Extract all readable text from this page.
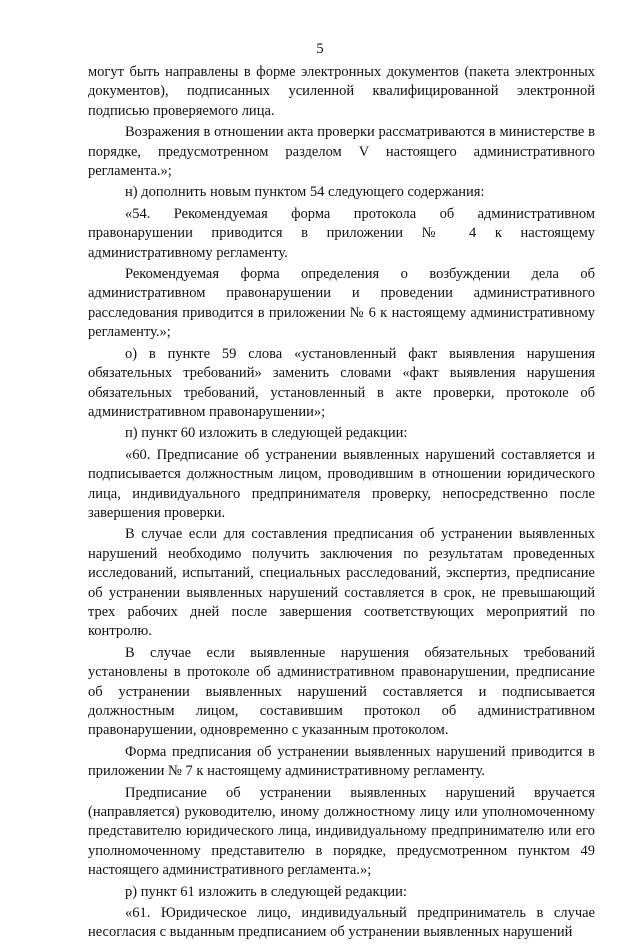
5

могут быть направлены в форме электронных документов (пакета электронных документов), подписанных усиленной квалифицированной электронной подписью проверяемого лица.

Возражения в отношении акта проверки рассматриваются в министерстве в порядке, предусмотренном разделом V настоящего административного регламента.»;

н) дополнить новым пунктом 54 следующего содержания:

«54. Рекомендуемая форма протокола об административном правонарушении приводится в приложении № 4 к настоящему административному регламенту.

Рекомендуемая форма определения о возбуждении дела об административном правонарушении и проведении административного расследования приводится в приложении № 6 к настоящему административному регламенту.»;

о) в пункте 59 слова «установленный факт выявления нарушения обязательных требований» заменить словами «факт выявления нарушения обязательных требований, установленный в акте проверки, протоколе об административном правонарушении»;

п) пункт 60 изложить в следующей редакции:

«60. Предписание об устранении выявленных нарушений составляется и подписывается должностным лицом, проводившим в отношении юридического лица, индивидуального предпринимателя проверку, непосредственно после завершения проверки.

В случае если для составления предписания об устранении выявленных нарушений необходимо получить заключения по результатам проведенных исследований, испытаний, специальных расследований, экспертиз, предписание об устранении выявленных нарушений составляется в срок, не превышающий трех рабочих дней после завершения соответствующих мероприятий по контролю.

В случае если выявленные нарушения обязательных требований установлены в протоколе об административном правонарушении, предписание об устранении выявленных нарушений составляется и подписывается должностным лицом, составившим протокол об административном правонарушении, одновременно с указанным протоколом.

Форма предписания об устранении выявленных нарушений приводится в приложении № 7 к настоящему административному регламенту.

Предписание об устранении выявленных нарушений вручается (направляется) руководителю, иному должностному лицу или уполномоченному представителю юридического лица, индивидуальному предпринимателю или его уполномоченному представителю в порядке, предусмотренном пунктом 49 настоящего административного регламента.»;

р) пункт 61 изложить в следующей редакции:

«61. Юридическое лицо, индивидуальный предприниматель в случае несогласия с выданным предписанием об устранении выявленных нарушений
